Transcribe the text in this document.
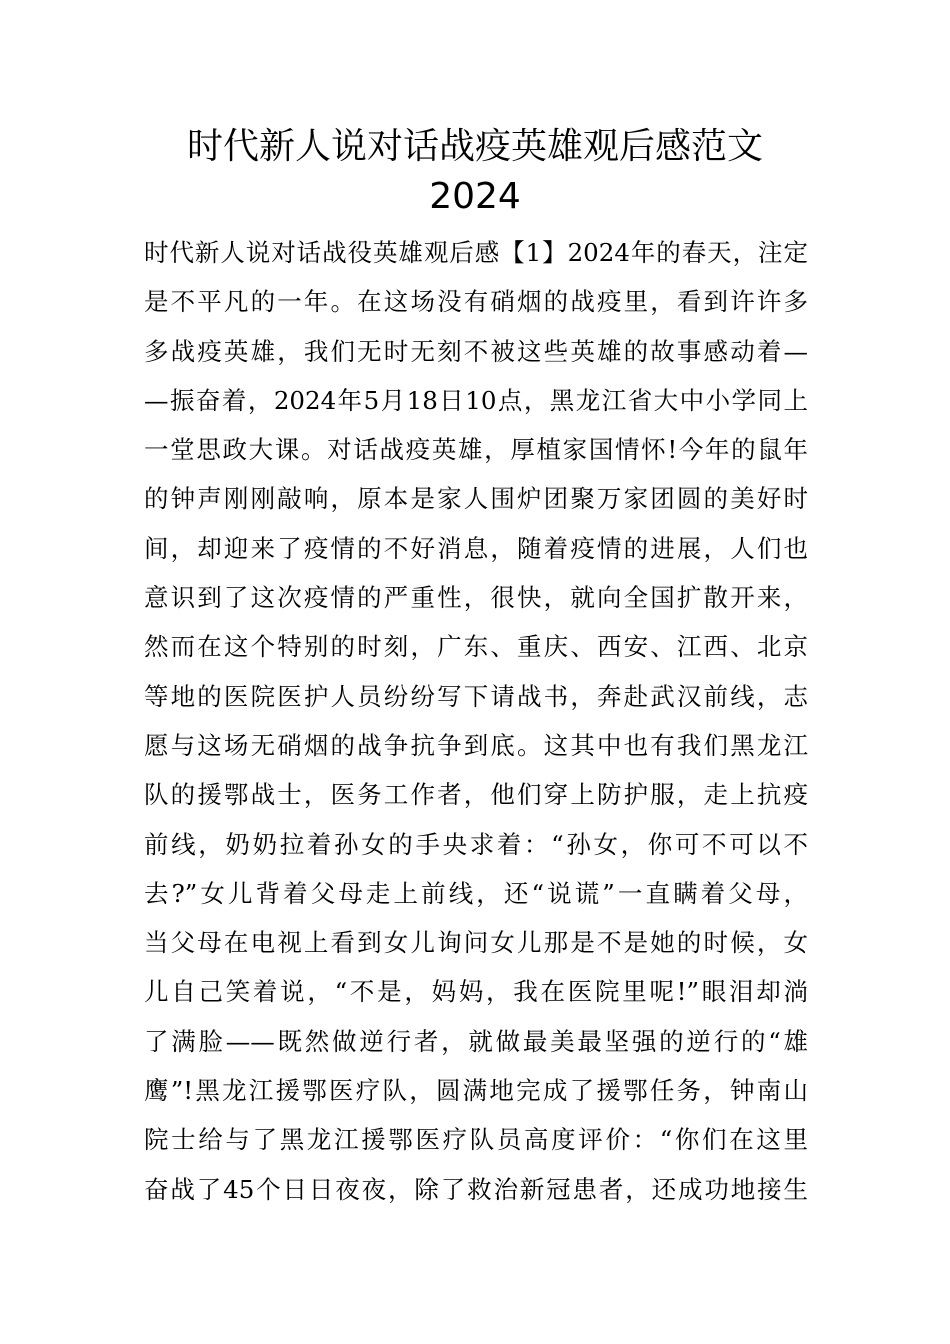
时代新人说对话战疫英雄观后感范文
2024
时代新人说对话战役英雄观后感【1】2024年的春天，注定
是不平凡的一年。在这场没有硝烟的战疫里，看到许许多
多战疫英雄，我们无时无刻不被这些英雄的故事感动着—
—振奋着，2024年5月18日10点，黑龙江省大中小学同上
一堂思政大课。对话战疫英雄，厚植家国情怀!今年的鼠年
的钟声刚刚敲响，原本是家人围炉团聚万家团圆的美好时
间，却迎来了疫情的不好消息，随着疫情的进展，人们也
意识到了这次疫情的严重性，很快，就向全国扩散开来，
然而在这个特别的时刻，广东、重庆、西安、江西、北京
等地的医院医护人员纷纷写下请战书，奔赴武汉前线，志
愿与这场无硝烟的战争抗争到底。这其中也有我们黑龙江
队的援鄂战士，医务工作者，他们穿上防护服，走上抗疫
前线，奶奶拉着孙女的手央求着：“孙女，你可不可以不
去?”女儿背着父母走上前线，还“说谎”一直瞒着父母，
当父母在电视上看到女儿询问女儿那是不是她的时候，女
儿自己笑着说，“不是，妈妈，我在医院里呢!”眼泪却淌
了满脸——既然做逆行者，就做最美最坚强的逆行的“雄
鹰”!黑龙江援鄂医疗队，圆满地完成了援鄂任务，钟南山
院士给与了黑龙江援鄂医疗队员高度评价：“你们在这里
奋战了45个日日夜夜，除了救治新冠患者，还成功地接生
